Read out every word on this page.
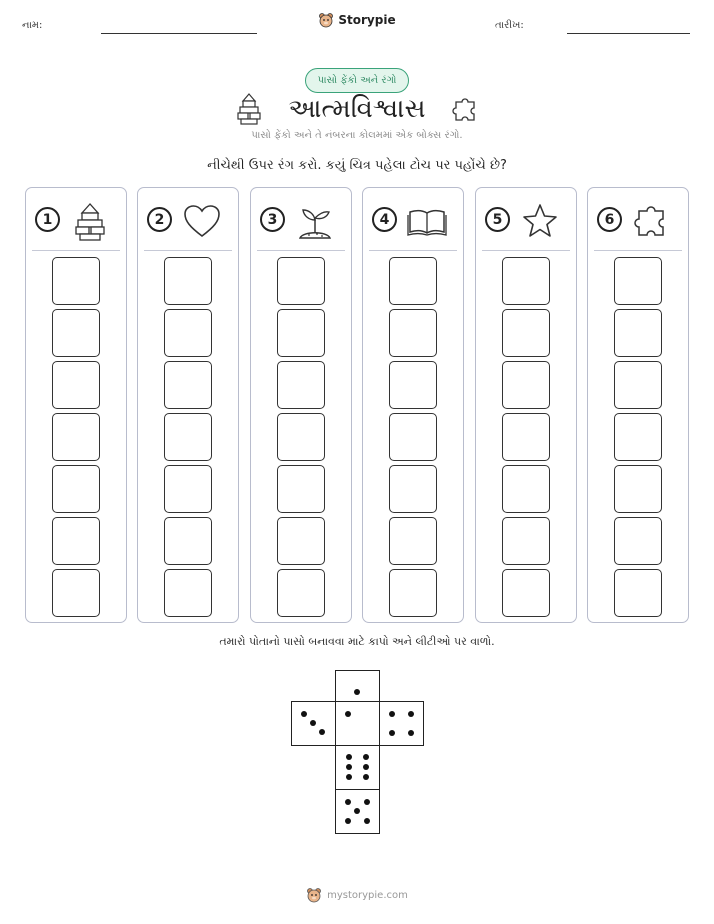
નામ:	Storypie	તારીખ:
પાસો ફેંકો અને રંગો
આત્મવિશ્વાસ
પાસો ફેંકો અને તે નંબરના કોલમમાં એક બોક્સ રંગો.
નીચેથી ઉપર રંગ કરો. કયું ચિત્ર પહેલા ટોચ પર પહોંચે છે?
1	2	3	4	5	6
તમારો પોતાનો પાસો બનાવવા માટે કાપો અને લીટીઓ પર વાળો.
mystorypie.com
